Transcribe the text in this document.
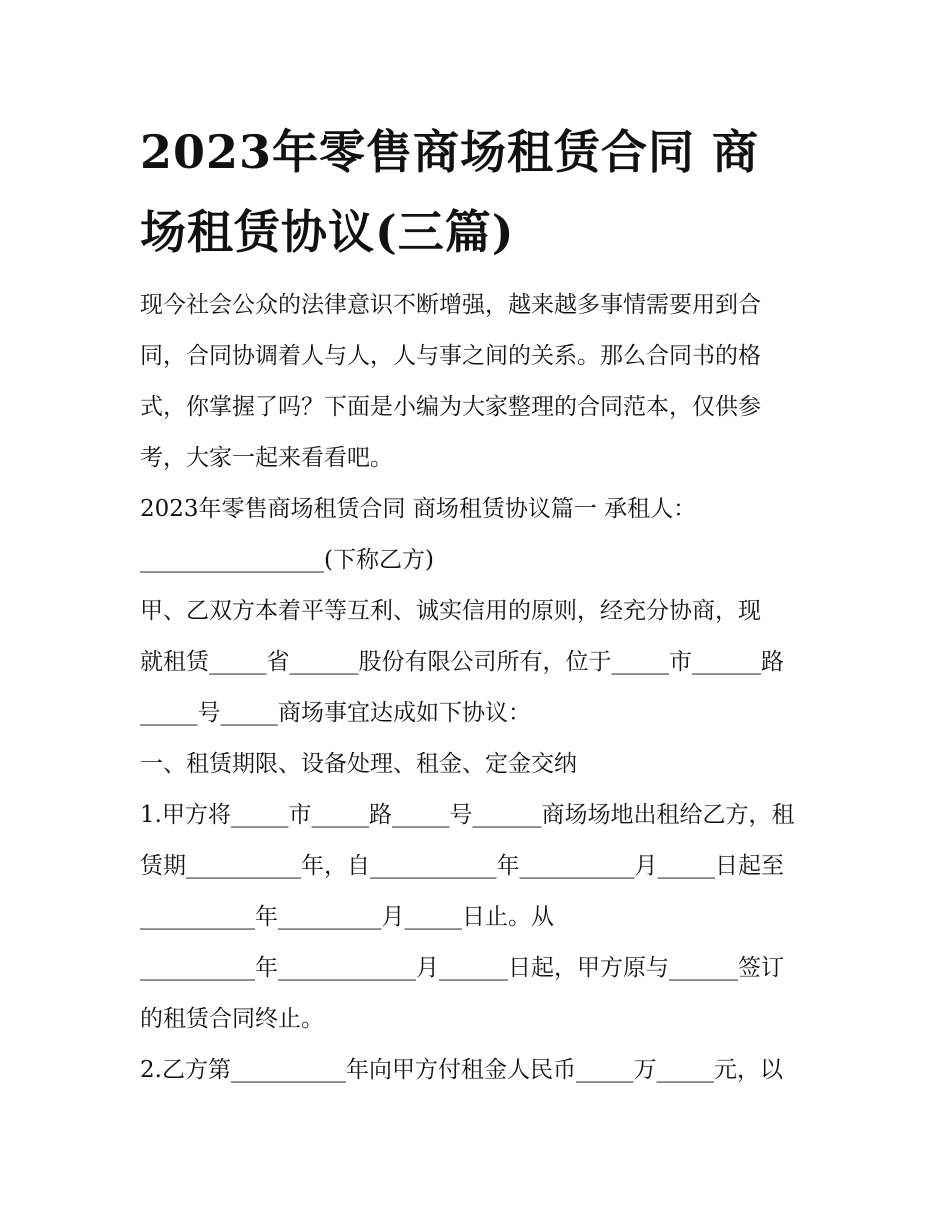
2023年零售商场租赁合同 商
场租赁协议(三篇)
现今社会公众的法律意识不断增强，越来越多事情需要用到合
同，合同协调着人与人，人与事之间的关系。那么合同书的格
式，你掌握了吗？下面是小编为大家整理的合同范本，仅供参
考，大家一起来看看吧。

2023年零售商场租赁合同 商场租赁协议篇一 承租人：

________________(下称乙方)

甲、乙双方本着平等互利、诚实信用的原则，经充分协商，现

就租赁_____省______股份有限公司所有，位于_____市______路

_____号_____商场事宜达成如下协议：

一、租赁期限、设备处理、租金、定金交纳

1.甲方将_____市_____路_____号______商场场地出租给乙方，租

赁期__________年，自___________年__________月_____日起至

__________年_________月_____日止。从

__________年____________月______日起，甲方原与______签订

的租赁合同终止。

2.乙方第__________年向甲方付租金人民币_____万_____元，以
